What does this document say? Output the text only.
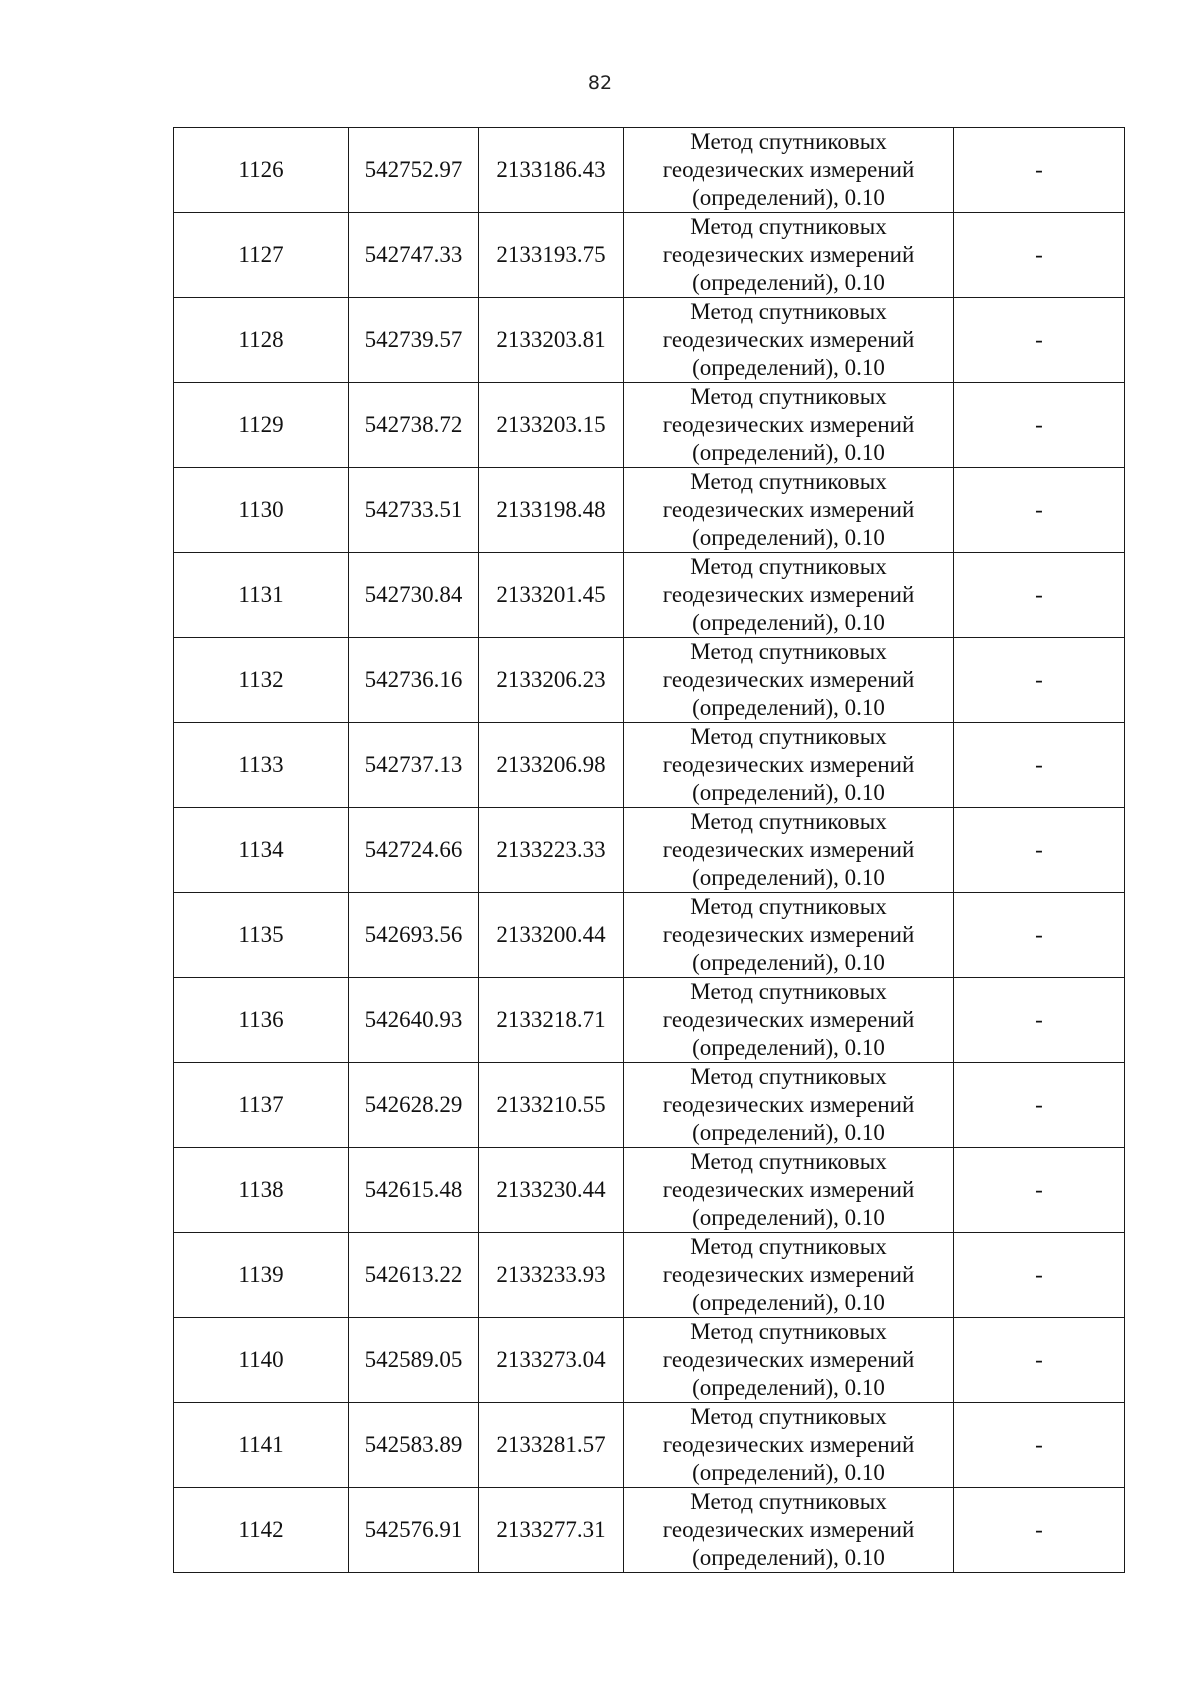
82
1126	542752.97	2133186.43	Метод спутниковых
геодезических измерений
(определений), 0.10	-
1127	542747.33	2133193.75	Метод спутниковых
геодезических измерений
(определений), 0.10	-
1128	542739.57	2133203.81	Метод спутниковых
геодезических измерений
(определений), 0.10	-
1129	542738.72	2133203.15	Метод спутниковых
геодезических измерений
(определений), 0.10	-
1130	542733.51	2133198.48	Метод спутниковых
геодезических измерений
(определений), 0.10	-
1131	542730.84	2133201.45	Метод спутниковых
геодезических измерений
(определений), 0.10	-
1132	542736.16	2133206.23	Метод спутниковых
геодезических измерений
(определений), 0.10	-
1133	542737.13	2133206.98	Метод спутниковых
геодезических измерений
(определений), 0.10	-
1134	542724.66	2133223.33	Метод спутниковых
геодезических измерений
(определений), 0.10	-
1135	542693.56	2133200.44	Метод спутниковых
геодезических измерений
(определений), 0.10	-
1136	542640.93	2133218.71	Метод спутниковых
геодезических измерений
(определений), 0.10	-
1137	542628.29	2133210.55	Метод спутниковых
геодезических измерений
(определений), 0.10	-
1138	542615.48	2133230.44	Метод спутниковых
геодезических измерений
(определений), 0.10	-
1139	542613.22	2133233.93	Метод спутниковых
геодезических измерений
(определений), 0.10	-
1140	542589.05	2133273.04	Метод спутниковых
геодезических измерений
(определений), 0.10	-
1141	542583.89	2133281.57	Метод спутниковых
геодезических измерений
(определений), 0.10	-
1142	542576.91	2133277.31	Метод спутниковых
геодезических измерений
(определений), 0.10	-
